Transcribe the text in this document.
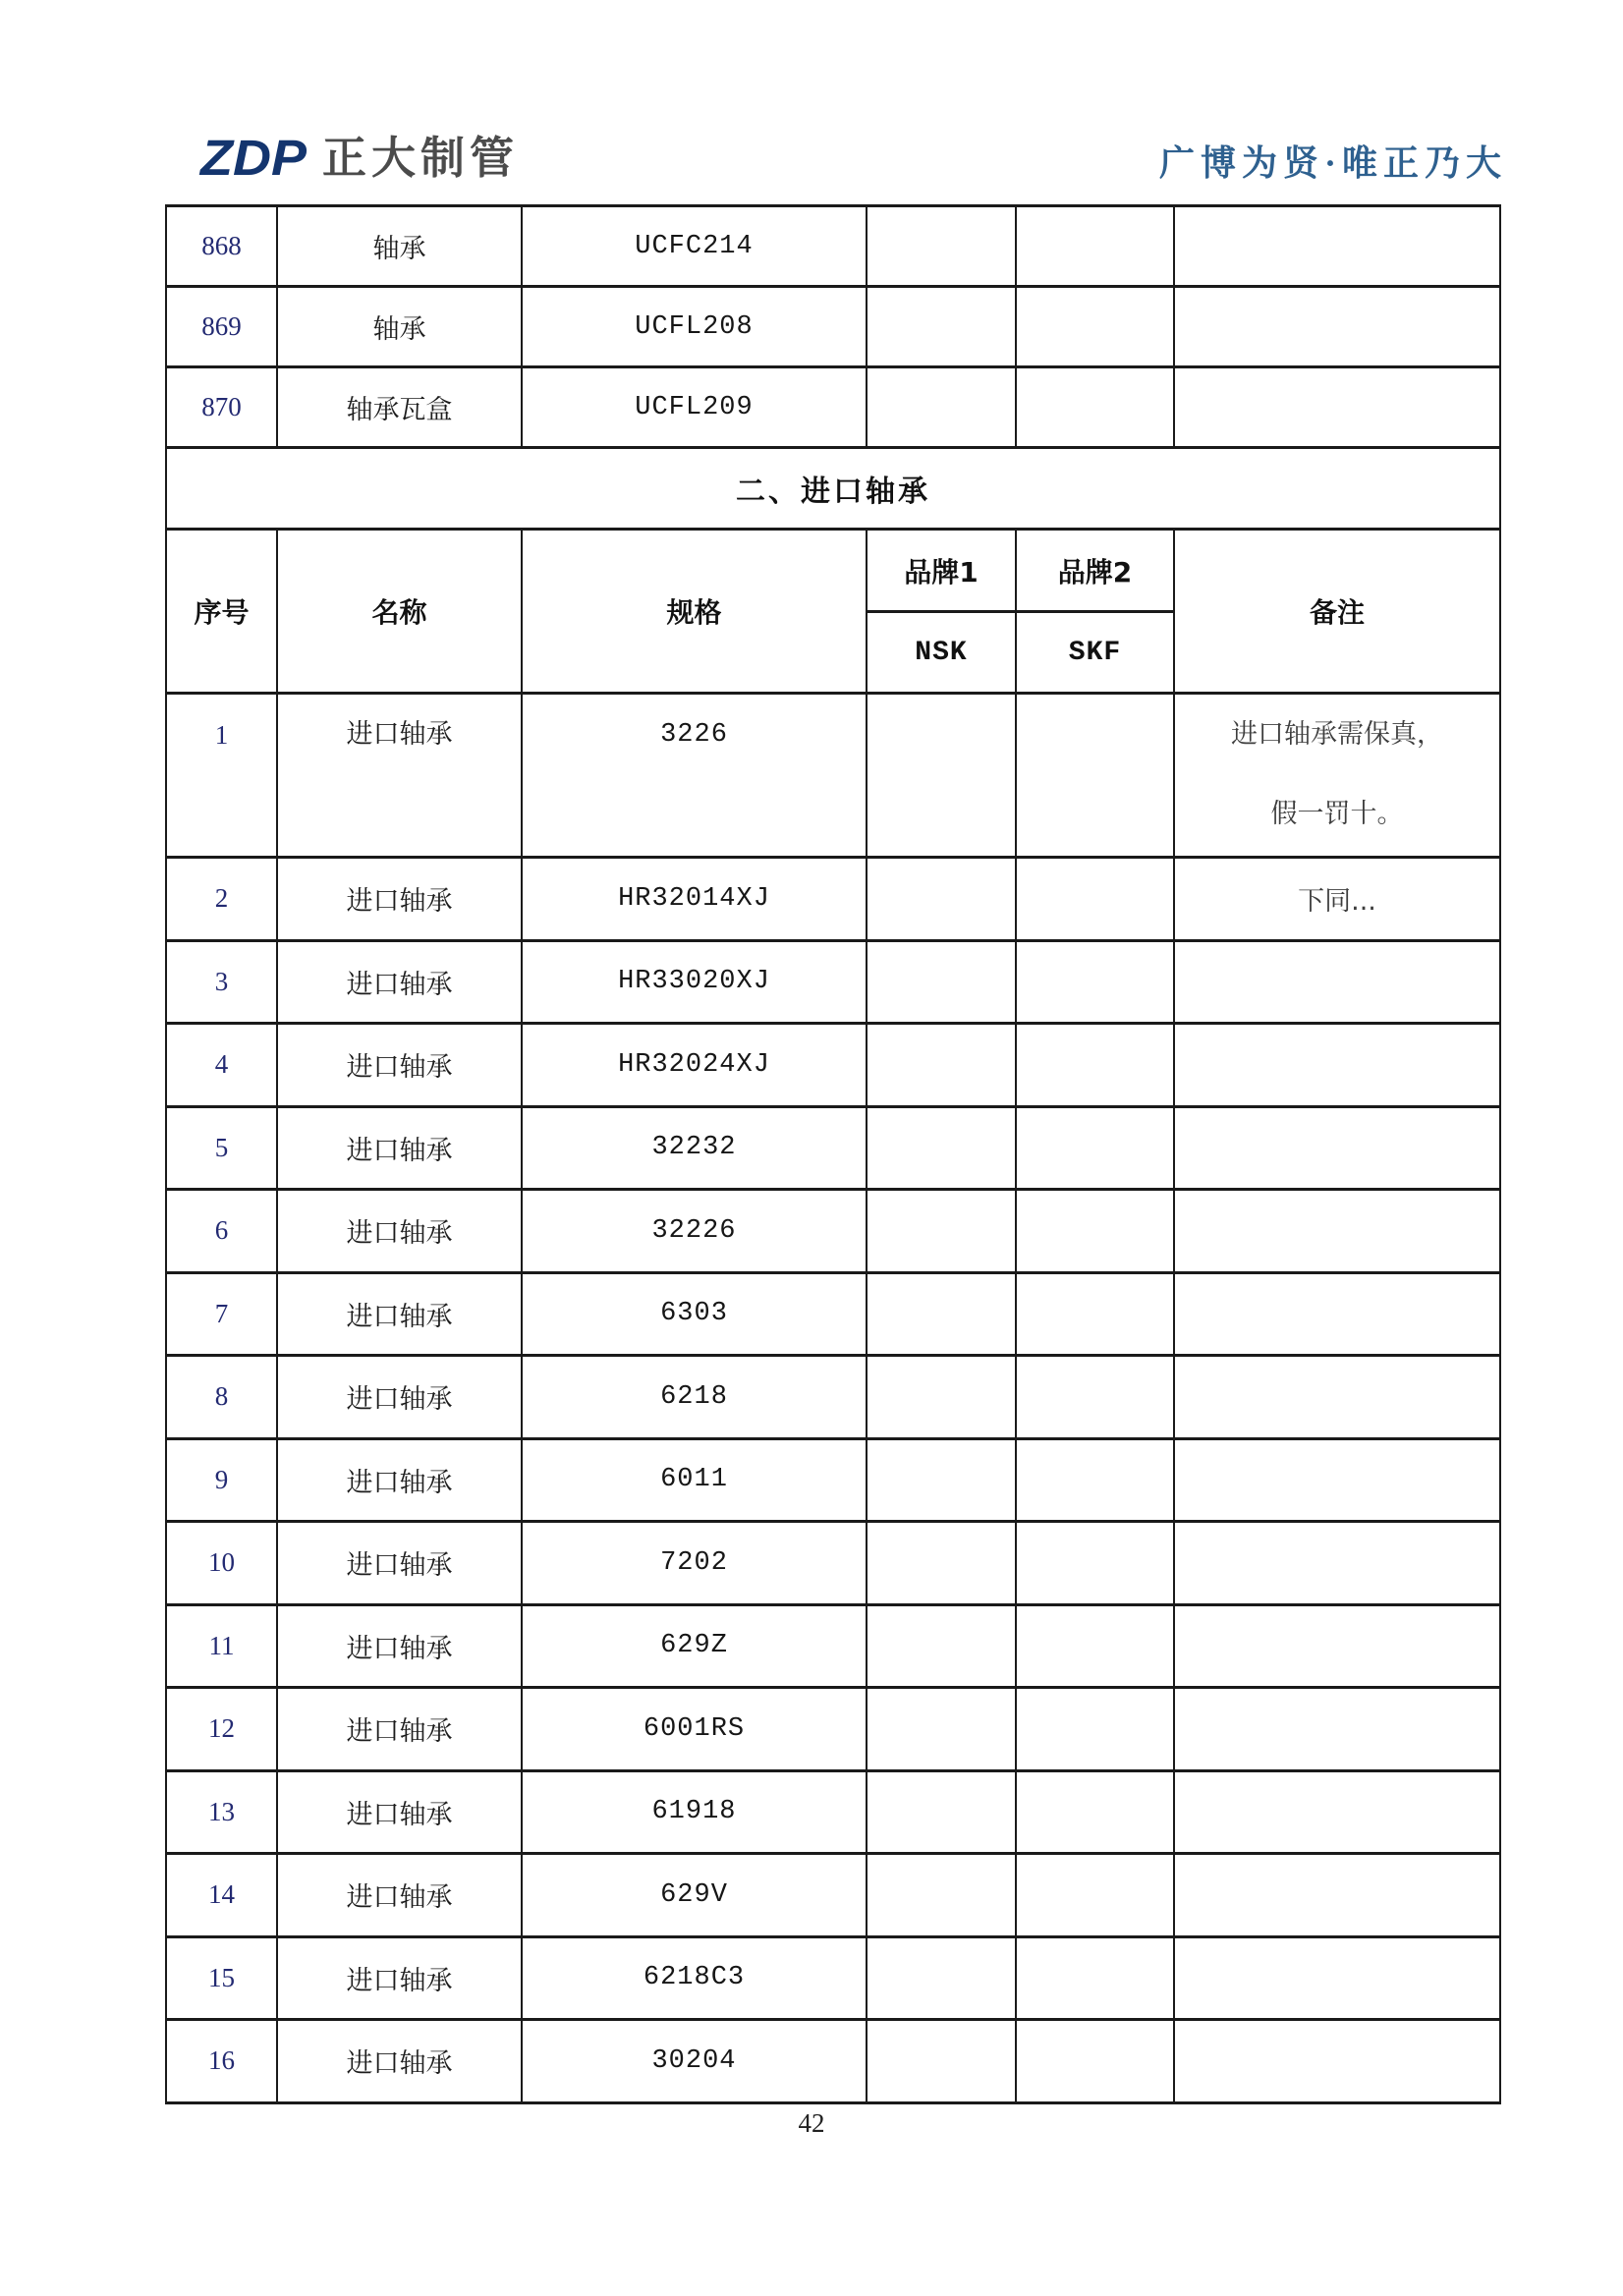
ZDP 正大制管	广博为贤·唯正乃大
868	轴承	UCFC214			
869	轴承	UCFL208			
870	轴承瓦盒	UCFL209			
二、进口轴承					
序号	名称	规格	品牌1	品牌2	备注
			NSK	SKF	

1	进口轴承	3226			进口轴承需保真，
假一罚十。

2	进口轴承	HR32014XJ			下同...
3	进口轴承	HR33020XJ			
4	进口轴承	HR32024XJ			
5	进口轴承	32232			
6	进口轴承	32226			
7	进口轴承	6303			
8	进口轴承	6218			
9	进口轴承	6011			
10	进口轴承	7202			
11	进口轴承	629Z			
12	进口轴承	6001RS			
13	进口轴承	61918			
14	进口轴承	629V			
15	进口轴承	6218C3			
16	进口轴承	30204			
42
